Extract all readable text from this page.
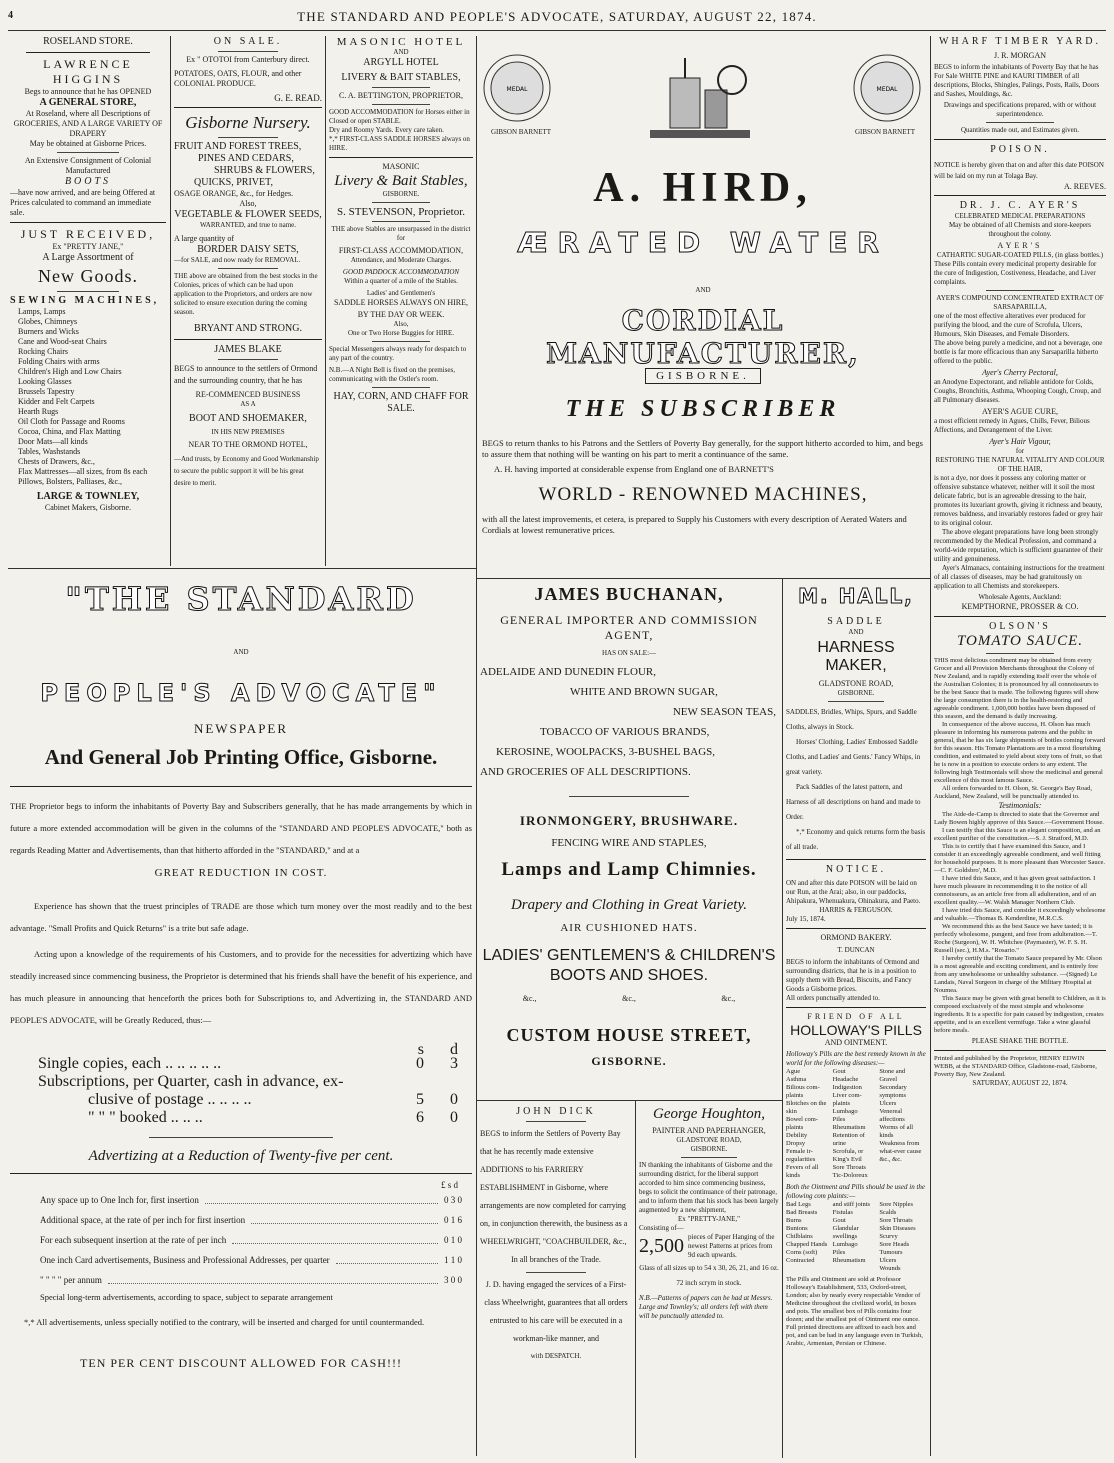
4	THE STANDARD AND PEOPLE'S ADVOCATE, SATURDAY, AUGUST 22, 1874.
ROSELAND STORE.
LAWRENCE HIGGINS
Begs to announce that he has OPENED
A GENERAL STORE,
At Roseland, where all Descriptions of
GROCERIES, AND A LARGE VARIETY OF DRAPERY
May be obtained at Gisborne Prices.
An Extensive Consignment of Colonial Manufactured
BOOTS
—have now arrived, and are being Offered at Prices calculated to command an immediate sale.
JUST RECEIVED,
Ex "PRETTY JANE,"
A Large Assortment of
New Goods.
SEWING MACHINES,
Lamps, Lamps
Globes, Chimneys
Burners and Wicks
Cane and Wood-seat Chairs
Rocking Chairs
Folding Chairs with arms
Children's High and Low Chairs
Looking Glasses
Brussels Tapestry
Kidder and Felt Carpets
Hearth Rugs
Oil Cloth for Passage and Rooms
Cocoa, China, and Flax Matting
Door Mats—all kinds
Tables, Washstands
Chests of Drawers, &c.,
Flax Mattresses—all sizes, from 8s each
Pillows, Bolsters, Palliases, &c.,
LARGE & TOWNLEY,
Cabinet Makers, Gisborne.
ON SALE.
Ex " OTOTOI from Canterbury direct.
POTATOES, OATS, FLOUR, and other COLONIAL PRODUCE.
G. E. READ.
Gisborne Nursery.
FRUIT AND FOREST TREES,
PINES AND CEDARS,
SHRUBS & FLOWERS,
QUICKS, PRIVET,
OSAGE ORANGE, &c., for Hedges.
Also,
VEGETABLE & FLOWER SEEDS,
WARRANTED, and true to name.
A large quantity of
BORDER DAISY SETS,
—for SALE, and now ready for REMOVAL.
THE above are obtained from the best stocks in the Colonies, prices of which can be had upon application to the Proprietors, and orders are now solicited to ensure execution during the coming season.
BRYANT AND STRONG.
JAMES BLAKE
BEGS to announce to the settlers of Ormond and the surrounding country, that he has
RE-COMMENCED BUSINESS
AS A
BOOT AND SHOEMAKER,
IN HIS NEW PREMISES
NEAR TO THE ORMOND HOTEL,
—And trusts, by Economy and Good Workmanship to secure the public support it will be his great desire to merit.
MASONIC HOTEL
AND
ARGYLL HOTEL
LIVERY & BAIT STABLES,
C. A. BETTINGTON, PROPRIETOR,
GOOD ACCOMMODATION for Horses either in Closed or open STABLE.
Dry and Roomy Yards. Every care taken.
*,* FIRST-CLASS SADDLE HORSES always on HIRE.
MASONIC
Livery & Bait Stables,
GISBORNE.
S. STEVENSON, Proprietor.
THE above Stables are unsurpassed in the district for
FIRST-CLASS ACCOMMODATION,
Attendance, and Moderate Charges.
GOOD PADDOCK ACCOMMODATION
Within a quarter of a mile of the Stables.
Ladies' and Gentlemen's
SADDLE HORSES ALWAYS ON HIRE,
BY THE DAY OR WEEK.
Also,
One or Two Horse Buggies for HIRE.
Special Messengers always ready for despatch to any part of the country.
N.B.—A Night Bell is fixed on the premises, communicating with the Ostler's room.
HAY, CORN, AND CHAFF FOR SALE.
MEDAL	MEDAL
GIBSON BARNETT	GIBSON BARNETT
A. HIRD,
ÆRATED WATER
AND
CORDIAL MANUFACTURER,
GISBORNE.
THE SUBSCRIBER
BEGS to return thanks to his Patrons and the Settlers of Poverty Bay generally, for the support hitherto accorded to him, and begs to assure them that nothing will be wanting on his part to merit a continuance of the same.
A. H. having imported at considerable expense from England one of BARNETT'S
WORLD - RENOWNED MACHINES,
with all the latest improvements, et cetera, is prepared to Supply his Customers with every description of Aerated Waters and Cordials at lowest remunerative prices.
"THE STANDARD
AND
PEOPLE'S ADVOCATE"
NEWSPAPER
And General Job Printing Office, Gisborne.
THE Proprietor begs to inform the inhabitants of Poverty Bay and Subscribers generally, that he has made arrangements by which in future a more extended accommodation will be given in the columns of the "STANDARD AND PEOPLE'S ADVOCATE," both as regards Reading Matter and Advertisements, than that hitherto afforded in the "STANDARD," and at a
GREAT REDUCTION IN COST.
Experience has shown that the truest principles of TRADE are those which turn money over the most readily and to the best advantage. "Small Profits and Quick Returns" is a trite but safe adage.
Acting upon a knowledge of the requirements of his Customers, and to provide for the necessities for advertizing which have steadily increased since commencing business, the Proprietor is determined that his friends shall have the benefit of his experience, and has much pleasure in announcing that henceforth the prices both for Subscriptions to, and Advertizing in, the STANDARD AND PEOPLE'S ADVOCATE, will be Greatly Reduced, thus:—
s d
Single copies, each .. .. .. .. ..	0 3
Subscriptions, per Quarter, cash in advance, ex-
clusive of postage .. .. .. ..	5 0
" " " booked .. .. ..	6 0
Advertizing at a Reduction of Twenty-five per cent.
£ s d
Any space up to One Inch for, first insertion	0 3 0
Additional space, at the rate of per inch for first insertion	0 1 6
For each subsequent insertion at the rate of per inch	0 1 0
One inch Card advertisements, Business and Professional Addresses, per quarter	1 1 0
" " " " per annum	3 0 0
Special long-term advertisements, according to space, subject to separate arrangement
*,* All advertisements, unless specially notified to the contrary, will be inserted and charged for until countermanded.
TEN PER CENT DISCOUNT ALLOWED FOR CASH!!!
JAMES BUCHANAN,
GENERAL IMPORTER AND COMMISSION AGENT,
HAS ON SALE:—
ADELAIDE AND DUNEDIN FLOUR,
WHITE AND BROWN SUGAR,
NEW SEASON TEAS,
TOBACCO OF VARIOUS BRANDS,
KEROSINE, WOOLPACKS, 3-BUSHEL BAGS,
AND GROCERIES OF ALL DESCRIPTIONS.
IRONMONGERY, BRUSHWARE.
FENCING WIRE AND STAPLES,
Lamps and Lamp Chimnies.
Drapery and Clothing in Great Variety.
AIR CUSHIONED HATS.
LADIES' GENTLEMEN'S & CHILDREN'S BOOTS AND SHOES.
&c.,	&c.,	&c.,
CUSTOM HOUSE STREET,
GISBORNE.
JOHN DICK
BEGS to inform the Settlers of Poverty Bay that he has recently made extensive ADDITIONS to his FARRIERY ESTABLISHMENT in Gisborne, where arrangements are now completed for carrying on, in conjunction therewith, the business as a
WHEELWRIGHT, "COACHBUILDER, &c.,
In all branches of the Trade.
J. D. having engaged the services of a First-class Wheelwright, guarantees that all orders entrusted to his care will be executed in a workman-like manner, and
with DESPATCH.
George Houghton,
PAINTER AND PAPERHANGER,
GLADSTONE ROAD,
GISBORNE.
IN thanking the inhabitants of Gisborne and the surrounding district, for the liberal support accorded to him since commencing business, begs to solicit the continuance of their patronage, and to inform them that his stock has been largely augmented by a new shipment,
Ex "PRETTY-JANE,"
Consisting of—
2,500 pieces of Paper Hanging of the newest Patterns at prices from 9d each upwards.
Glass of all sizes up to 54 x 30, 26, 21, and 16 oz.
72 inch scrym in stock.
N.B.—Patterns of papers can be had at Messrs. Large and Townley's; all orders left with them will be punctually attended to.
M. HALL,
SADDLE
AND
HARNESS MAKER,
GLADSTONE ROAD,
GISBORNE.
SADDLES, Bridles, Whips, Spurs, and Saddle Cloths, always in Stock.
Horses' Clothing, Ladies' Embossed Saddle Cloths, and Ladies' and Gents.' Fancy Whips, in great variety.
Pack Saddles of the latest pattern, and Harness of all descriptions on hand and made to Order.
*,* Economy and quick returns form the basis of all trade.
NOTICE.
ON and after this date POISON will be laid on our Run, at the Arai; also, in our paddocks, Ahipakura, Whenuakura, Ohinakura, and Paeto.
HARRIS & FERGUSON.
July 15, 1874.
ORMOND BAKERY.
T. DUNCAN
BEGS to inform the inhabitants of Ormond and surrounding districts, that he is in a position to supply them with Bread, Biscuits, and Fancy Goods a Gisborne prices.
All orders punctually attended to.
FRIEND OF ALL
HOLLOWAY'S PILLS
AND OINTMENT.
Holloway's Pills are the best remedy known in the world for the following diseases:—
Ague
Asthma
Bilious com-plaints
Blotches on the skin
Bowel com-plaints
Debility
Dropsy
Female ir-regularities
Fevers of all kinds
Gout
Headache
Indigestion
Liver com-plaints
Lumbago
Piles
Rheumatism
Retention of urine
Scrofula, or King's Evil
Sore Throats
Tic-Doloreux
Stone and Gravel
Secondary symptoms
Ulcers
Venereal affections
Worms of all kinds
Weakness from what-ever cause
&c., &c.
Both the Ointment and Pills should be used in the following com plaints:—
Bad Legs
Bad Breasts
Burns
Bunions
Chilblains
Chapped Hands
Corns (soft)
Contracted
and stiff joints
Fistulas
Gout
Glandular swellings
Lumbago
Piles
Rheumatism
Sore Nipples
Scalds
Sore Throats
Skin Diseases
Scurvy
Sore Heads
Tumours
Ulcers
Wounds
The Pills and Ointment are sold at Professor Holloway's Establishment, 533, Oxford-street, London; also by nearly every respectable Vendor of Medicine throughout the civilized world, in boxes and pots. The smallest box of Pills contains four dozen; and the smallest pot of Ointment one ounce.
Full printed directions are affixed to each box and pot, and can be had in any language even in Turkish, Arabic, Armenian, Persian or Chinese.
WHARF TIMBER YARD.
J. R. MORGAN
BEGS to inform the inhabitants of Poverty Bay that he has For Sale WHITE PINE and KAURI TIMBER of all descriptions, Blocks, Shingles, Palings, Posts, Rails, Doors and Sashes, Mouldings, &c.
Drawings and specifications prepared, with or without superintendence.
Quantities made out, and Estimates given.
POISON.
NOTICE is hereby given that on and after this date POISON will be laid on my run at Tolaga Bay.
A. REEVES.
DR. J. C. AYER'S
CELEBRATED MEDICAL PREPARATIONS
May be obtained of all Chemists and store-keepers throughout the colony.
AYER'S
CATHARTIC SUGAR-COATED PILLS, (in glass bottles.)
These Pills contain every medicinal property desirable for the cure of Indigestion, Costiveness, Headache, and Liver complaints.
AYER'S COMPOUND CONCENTRATED EXTRACT OF SARSAPARILLA,
one of the most effective alteratives ever produced for purifying the blood, and the cure of Scrofula, Ulcers, Humours, Skin Diseases, and Female Disorders.
The above being purely a medicine, and not a beverage, one bottle is far more efficacious than any Sarsaparilla hitherto offered to the public.
Ayer's Cherry Pectoral,
an Anodyne Expectorant, and reliable antidote for Colds, Coughs, Bronchitis, Asthma, Whooping Cough, Croup, and all Pulmonary diseases.
AYER'S AGUE CURE,
a most efficient remedy in Agues, Chills, Fever, Bilious Affections, and Derangement of the Liver.
Ayer's Hair Vigour,
for
RESTORING THE NATURAL VITALITY AND COLOUR OF THE HAIR,
is not a dye, nor does it possess any coloring matter or offensive substance whatever, neither will it soil the most delicate fabric, but is an agreeable dressing to the hair, promotes its luxuriant growth, giving it richness and beauty, removes baldness, and invariably restores faded or grey hair to its original colour.
The above elegant preparations have long been strongly recommended by the Medical Profession, and command a world-wide reputation, which is sufficient guarantee of their utility and genuineness.
Ayer's Almanacs, containing instructions for the treatment of all classes of diseases, may be had gratuitously on application to all Chemists and storekeepers.
Wholesale Agents, Auckland:
KEMPTHORNE, PROSSER & CO.
OLSON'S
TOMATO SAUCE.
THIS most delicious condiment may be obtained from every Grocer and all Provision Merchants throughout the Colony of New Zealand, and is rapidly extending itself over the whole of the Australian Colonies; it is pronounced by all connoisseurs to be the best Sauce that is made. The following figures will show the large consumption there is in the health-restoring and agreeable condiment. 1,000,000 bottles have been disposed of this season, and the demand is daily increasing.
In consequence of the above success, H. Olson has much pleasure in informing his numerous patrons and the public in general, that he has six large shipments of bottles coming forward for this season. His Tomato Plantations are in a most flourishing condition, and estimated to yield about sixty tons of fruit, so that he is now in a position to execute orders to any extent. The following high Testimonials will show the medicinal and general excellence of this most famous Sauce.
All orders forwarded to H. Olson, St. George's Bay Road, Auckland, New Zealand, will be punctually attended to.
Testimonials:
The Aide-de-Camp is directed to state that the Governor and Lady Bowen highly approve of this Sauce.—Government House.
I can testify that this Sauce is an elegant composition, and an excellent purifier of the constitution.—S. J. Stratford, M.D.
This is to certify that I have examined this Sauce, and I consider it an exceedingly agreeable condiment, and well fitting for household purposes. It is more pleasant than Worcester Sauce.—C. F. Goldsbro', M.D.
I have tried this Sauce, and it has given great satisfaction. I have much pleasure in recommending it to the notice of all connoisseurs, as an article free from all adulteration, and of an excellent quality.—W. Walsh Manager Northern Club.
I have tried this Sauce, and consider it exceedingly wholesome and valuable.—Thomas B. Kenderdine, M.R.C.S.
We recommend this as the best Sauce we have tasted; it is perfectly wholesome, pungent, and free from adulteration.—T. Roche (Surgeon), W. H. Whitchee (Paymaster), W. F. S. H. Russell (sec.), H.M.s. "Rosario."
I hereby certify that the Tomato Sauce prepared by Mr. Olson is a most agreeable and exciting condiment, and is entirely free from any unwholesome or unhealthy substance. —(Signed) Le Landais, Naval Surgeon in charge of the Military Hospital at Noumea.
This Sauce may be given with great benefit to Children, as it is composed exclusively of the most simple and wholesome ingredients. It is a specific for pain caused by indigestion, creates appetite, and is an excellent vermifuge. Take a wine glassful before meals.
PLEASE SHAKE THE BOTTLE.
Printed and published by the Proprietor, HENRY EDWIN WEBB, at the STANDARD Office, Gladstone-road, Gisborne, Poverty Bay, New Zealand.
SATURDAY, AUGUST 22, 1874.
